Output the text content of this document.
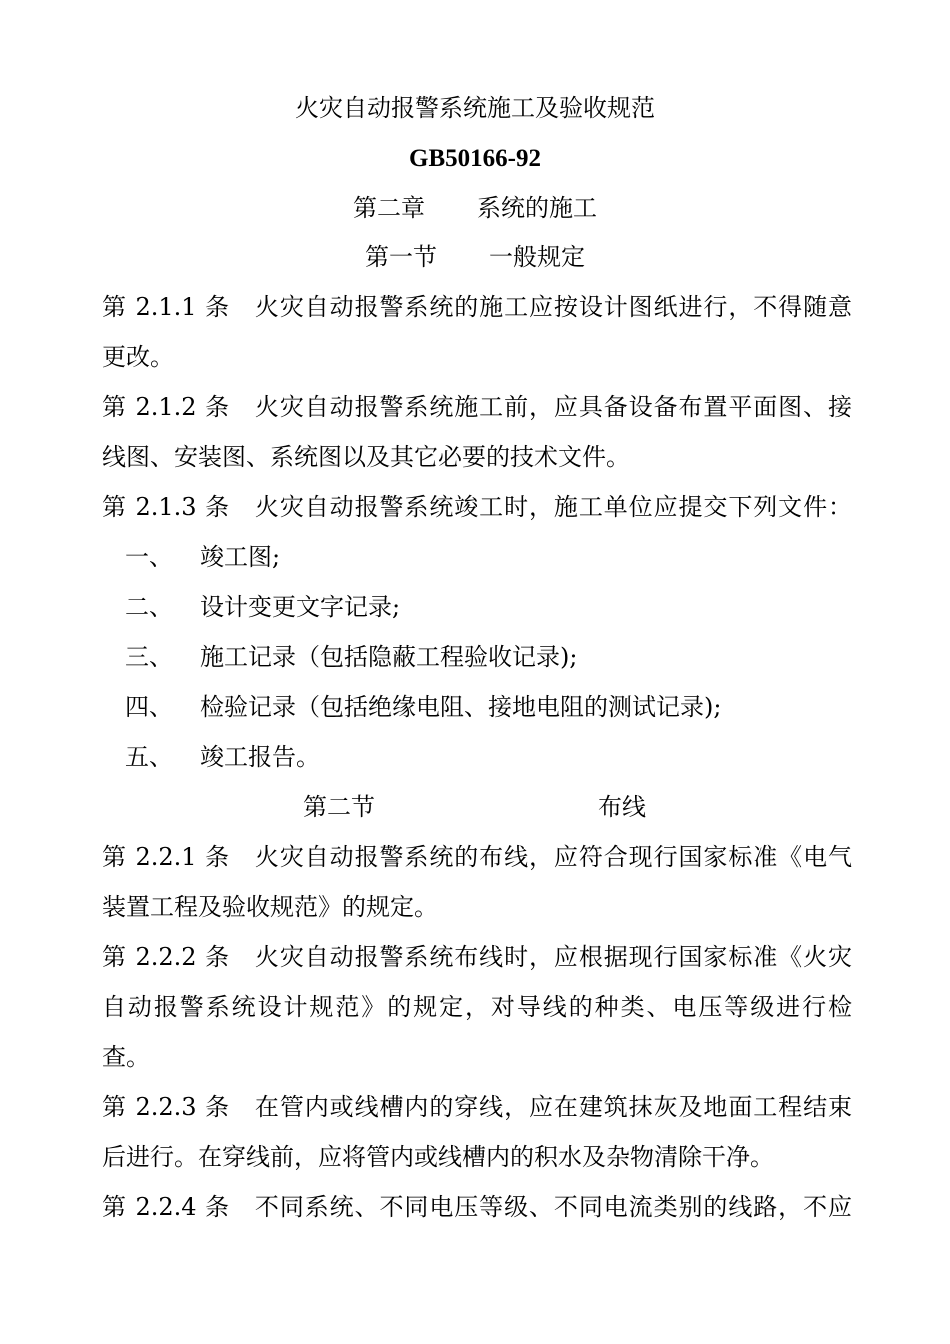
火灾自动报警系统施工及验收规范
GB50166-92
第二章 系统的施工
第一节 一般规定
第 2.1.1 条　火灾自动报警系统的施工应按设计图纸进行，不得随意
更改。
第 2.1.2 条　火灾自动报警系统施工前，应具备设备布置平面图、接
线图、安装图、系统图以及其它必要的技术文件。
第 2.1.3 条　火灾自动报警系统竣工时，施工单位应提交下列文件：
一、 竣工图;
二、 设计变更文字记录;
三、 施工记录（包括隐蔽工程验收记录);
四、 检验记录（包括绝缘电阻、接地电阻的测试记录);
五、 竣工报告。
第二节	布线
第 2.2.1 条　火灾自动报警系统的布线，应符合现行国家标准《电气
装置工程及验收规范》的规定。
第 2.2.2 条　火灾自动报警系统布线时，应根据现行国家标准《火灾
自动报警系统设计规范》的规定，对导线的种类、电压等级进行检
查。
第 2.2.3 条　在管内或线槽内的穿线，应在建筑抹灰及地面工程结束
后进行。在穿线前，应将管内或线槽内的积水及杂物清除干净。
第 2.2.4 条　不同系统、不同电压等级、不同电流类别的线路，不应
